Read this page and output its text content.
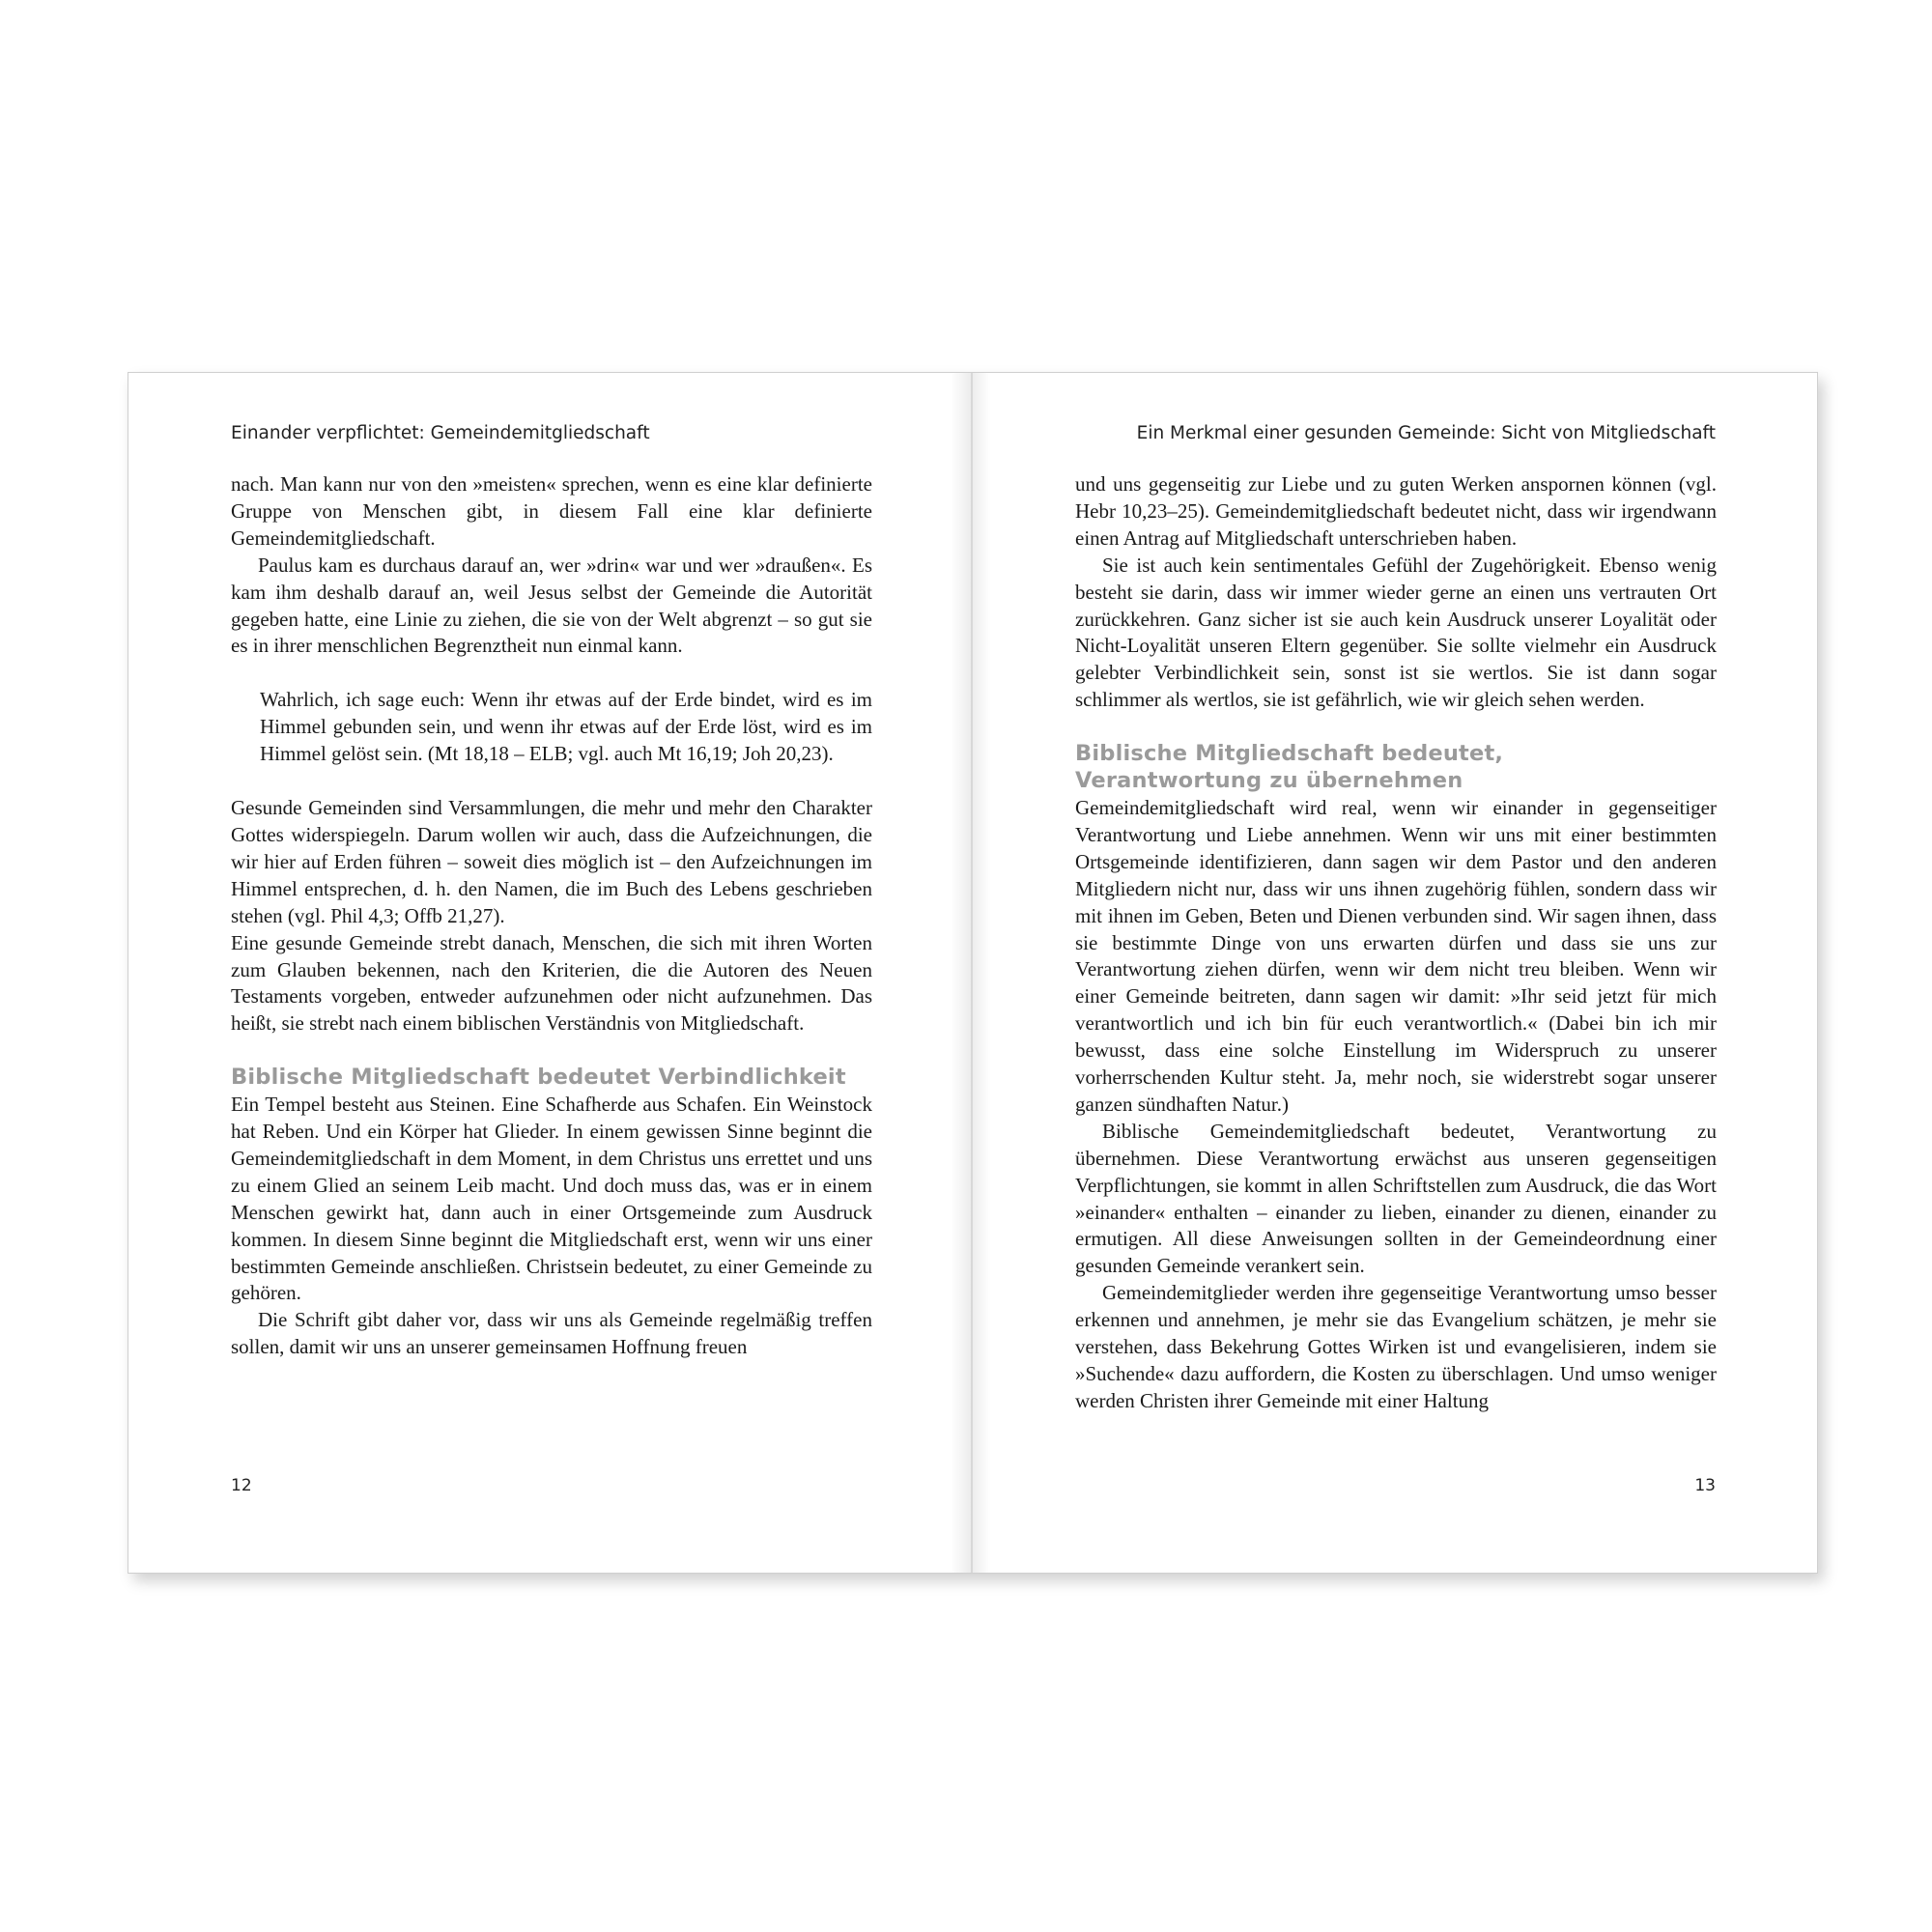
Einander verpflichtet: Gemeindemitgliedschaft

nach. Man kann nur von den »meisten« sprechen, wenn es eine klar definierte Gruppe von Menschen gibt, in diesem Fall eine klar definierte Gemeindemitgliedschaft.

Paulus kam es durchaus darauf an, wer »drin« war und wer »draußen«. Es kam ihm deshalb darauf an, weil Jesus selbst der Gemeinde die Autorität gegeben hatte, eine Linie zu ziehen, die sie von der Welt abgrenzt – so gut sie es in ihrer menschlichen Begrenztheit nun einmal kann.

Wahrlich, ich sage euch: Wenn ihr etwas auf der Erde bindet, wird es im Himmel gebunden sein, und wenn ihr etwas auf der Erde löst, wird es im Himmel gelöst sein. (Mt 18,18 – ELB; vgl. auch Mt 16,19; Joh 20,23).

Gesunde Gemeinden sind Versammlungen, die mehr und mehr den Charakter Gottes widerspiegeln. Darum wollen wir auch, dass die Aufzeichnungen, die wir hier auf Erden führen – soweit dies möglich ist – den Aufzeichnungen im Himmel entsprechen, d. h. den Namen, die im Buch des Lebens geschrieben stehen (vgl. Phil 4,3; Offb 21,27).

Eine gesunde Gemeinde strebt danach, Menschen, die sich mit ihren Worten zum Glauben bekennen, nach den Kriterien, die die Autoren des Neuen Testaments vorgeben, entweder aufzunehmen oder nicht aufzunehmen. Das heißt, sie strebt nach einem biblischen Verständnis von Mitgliedschaft.

Biblische Mitgliedschaft bedeutet Verbindlichkeit

Ein Tempel besteht aus Steinen. Eine Schafherde aus Schafen. Ein Weinstock hat Reben. Und ein Körper hat Glieder. In einem gewissen Sinne beginnt die Gemeindemitgliedschaft in dem Moment, in dem Christus uns errettet und uns zu einem Glied an seinem Leib macht. Und doch muss das, was er in einem Menschen gewirkt hat, dann auch in einer Ortsgemeinde zum Ausdruck kommen. In diesem Sinne beginnt die Mitgliedschaft erst, wenn wir uns einer bestimmten Gemeinde anschließen. Christsein bedeutet, zu einer Gemeinde zu gehören.

Die Schrift gibt daher vor, dass wir uns als Gemeinde regelmäßig treffen sollen, damit wir uns an unserer gemeinsamen Hoffnung freuen

12
Ein Merkmal einer gesunden Gemeinde: Sicht von Mitgliedschaft

und uns gegenseitig zur Liebe und zu guten Werken anspornen können (vgl. Hebr 10,23–25). Gemeindemitgliedschaft bedeutet nicht, dass wir irgendwann einen Antrag auf Mitgliedschaft unterschrieben haben.

Sie ist auch kein sentimentales Gefühl der Zugehörigkeit. Ebenso wenig besteht sie darin, dass wir immer wieder gerne an einen uns vertrauten Ort zurückkehren. Ganz sicher ist sie auch kein Ausdruck unserer Loyalität oder Nicht-Loyalität unseren Eltern gegenüber. Sie sollte vielmehr ein Ausdruck gelebter Verbindlichkeit sein, sonst ist sie wertlos. Sie ist dann sogar schlimmer als wertlos, sie ist gefährlich, wie wir gleich sehen werden.

Biblische Mitgliedschaft bedeutet,
Verantwortung zu übernehmen

Gemeindemitgliedschaft wird real, wenn wir einander in gegenseitiger Verantwortung und Liebe annehmen. Wenn wir uns mit einer bestimmten Ortsgemeinde identifizieren, dann sagen wir dem Pastor und den anderen Mitgliedern nicht nur, dass wir uns ihnen zugehörig fühlen, sondern dass wir mit ihnen im Geben, Beten und Dienen verbunden sind. Wir sagen ihnen, dass sie bestimmte Dinge von uns erwarten dürfen und dass sie uns zur Verantwortung ziehen dürfen, wenn wir dem nicht treu bleiben. Wenn wir einer Gemeinde beitreten, dann sagen wir damit: »Ihr seid jetzt für mich verantwortlich und ich bin für euch verantwortlich.« (Dabei bin ich mir bewusst, dass eine solche Einstellung im Widerspruch zu unserer vorherrschenden Kultur steht. Ja, mehr noch, sie widerstrebt sogar unserer ganzen sündhaften Natur.)

Biblische Gemeindemitgliedschaft bedeutet, Verantwortung zu übernehmen. Diese Verantwortung erwächst aus unseren gegenseitigen Verpflichtungen, sie kommt in allen Schriftstellen zum Ausdruck, die das Wort »einander« enthalten – einander zu lieben, einander zu dienen, einander zu ermutigen. All diese Anweisungen sollten in der Gemeindeordnung einer gesunden Gemeinde verankert sein.

Gemeindemitglieder werden ihre gegenseitige Verantwortung umso besser erkennen und annehmen, je mehr sie das Evangelium schätzen, je mehr sie verstehen, dass Bekehrung Gottes Wirken ist und evangelisieren, indem sie »Suchende« dazu auffordern, die Kosten zu überschlagen. Und umso weniger werden Christen ihrer Gemeinde mit einer Haltung

13
